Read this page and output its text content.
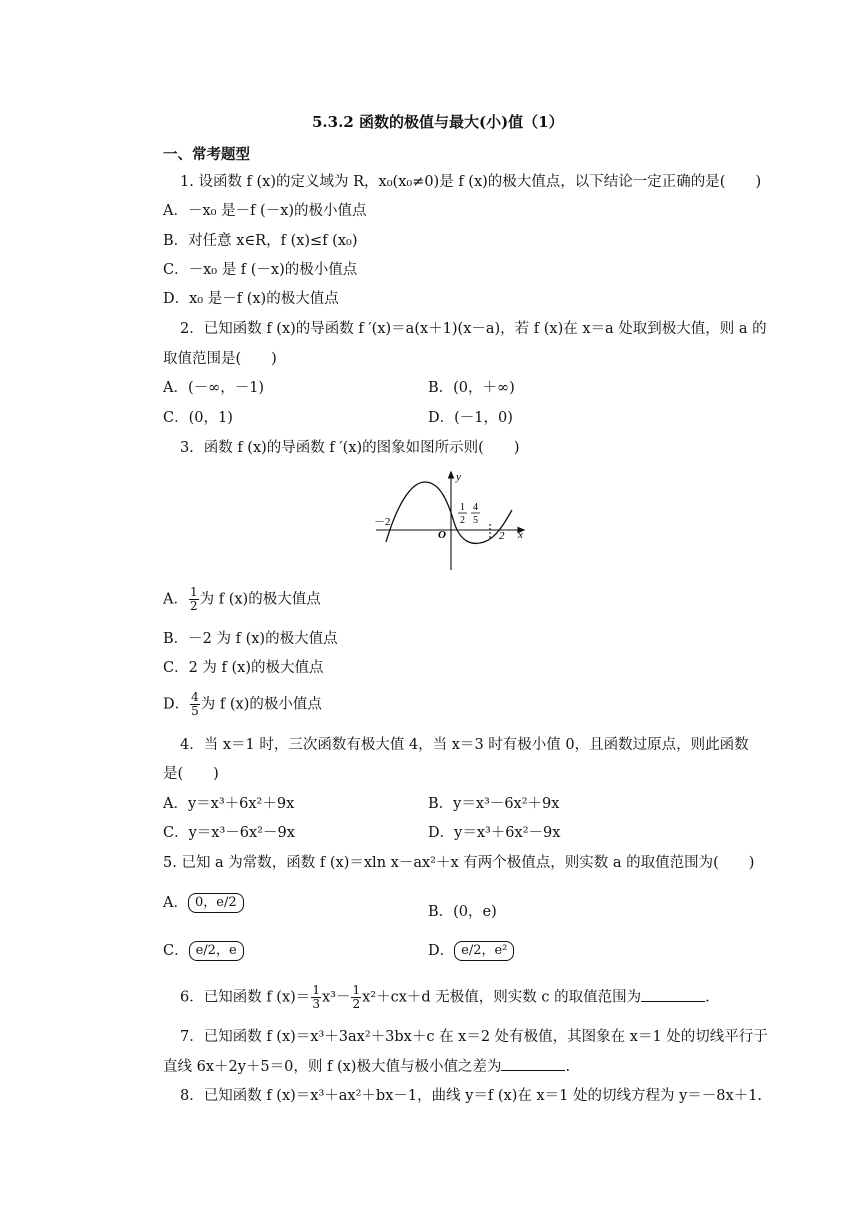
5.3.2 函数的极值与最大(小)值（1）
一、常考题型
1. 设函数 f (x)的定义域为 R，x₀(x₀≠0)是 f (x)的极大值点，以下结论一定正确的是( )
A．－x₀ 是－f (－x)的极小值点
B．对任意 x∈R，f (x)≤f (x₀)
C．－x₀ 是 f (－x)的极小值点
D．x₀ 是－f (x)的极大值点
2．已知函数 f (x)的导函数 f ′(x)＝a(x＋1)(x－a)，若 f (x)在 x＝a 处取到极大值，则 a 的
取值范围是( )
A．(－∞，－1)	B．(0，＋∞)
C．(0，1)	D．(－1，0)
3．函数 f (x)的导函数 f ′(x)的图象如图所示则( )
y
x
O
－2
2
1
2
4
5
A． $\frac{1}{2}$ 为 f (x)的极大值点
B．－2 为 f (x)的极大值点
C．2 为 f (x)的极大值点
D． $\frac{4}{5}$ 为 f (x)的极小值点
4．当 x＝1 时，三次函数有极大值 4，当 x＝3 时有极小值 0，且函数过原点，则此函数
是( )
A．y＝x³＋6x²＋9x	B．y＝x³－6x²＋9x
C．y＝x³－6x²－9x	D．y＝x³＋6x²－9x
5. 已知 a 为常数，函数 f (x)＝xln x－ax²＋x 有两个极值点，则实数 a 的取值范围为( )
A． 0，e/2
B．(0，e)
C． e/2，e	D． e/2，e²
6．已知函数 f $(x)= \frac{1}{3} x^3- \frac{1}{2} x^2+cx+d$ 无极值，则实数 c 的取值范围为	.
7．已知函数 f (x)＝x³＋3ax²＋3bx＋c 在 x＝2 处有极值，其图象在 x＝1 处的切线平行于
直线 6x＋2y＋5＝0，则 f (x)极大值与极小值之差为	.
8．已知函数 f (x)＝x³＋ax²＋bx－1，曲线 y＝f (x)在 x＝1 处的切线方程为 y＝－8x＋1.
